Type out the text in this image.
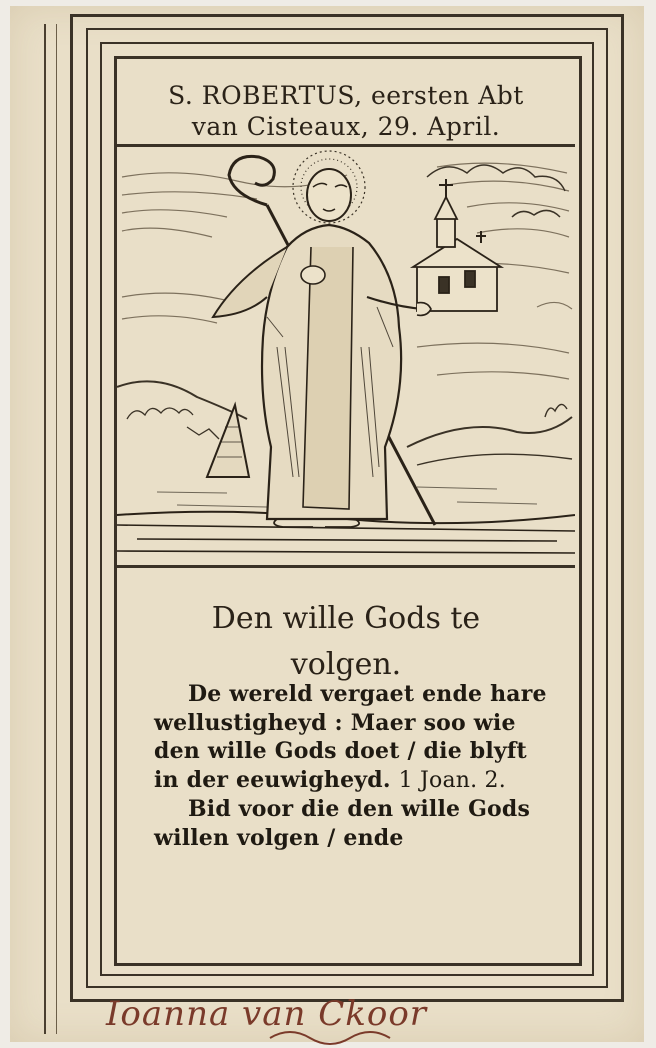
S. ROBERTUS, eersten Abt
van Cisteaux, 29. April.
Den wille Gods te
volgen.
De wereld vergaet ende hare
wellustigheyd : Maer soo wie
den wille Gods doet / die blyft
in der eeuwigheyd. 1 Joan. 2.
Bid voor die den wille Gods
willen volgen / ende
Ioanna van Ckoor
